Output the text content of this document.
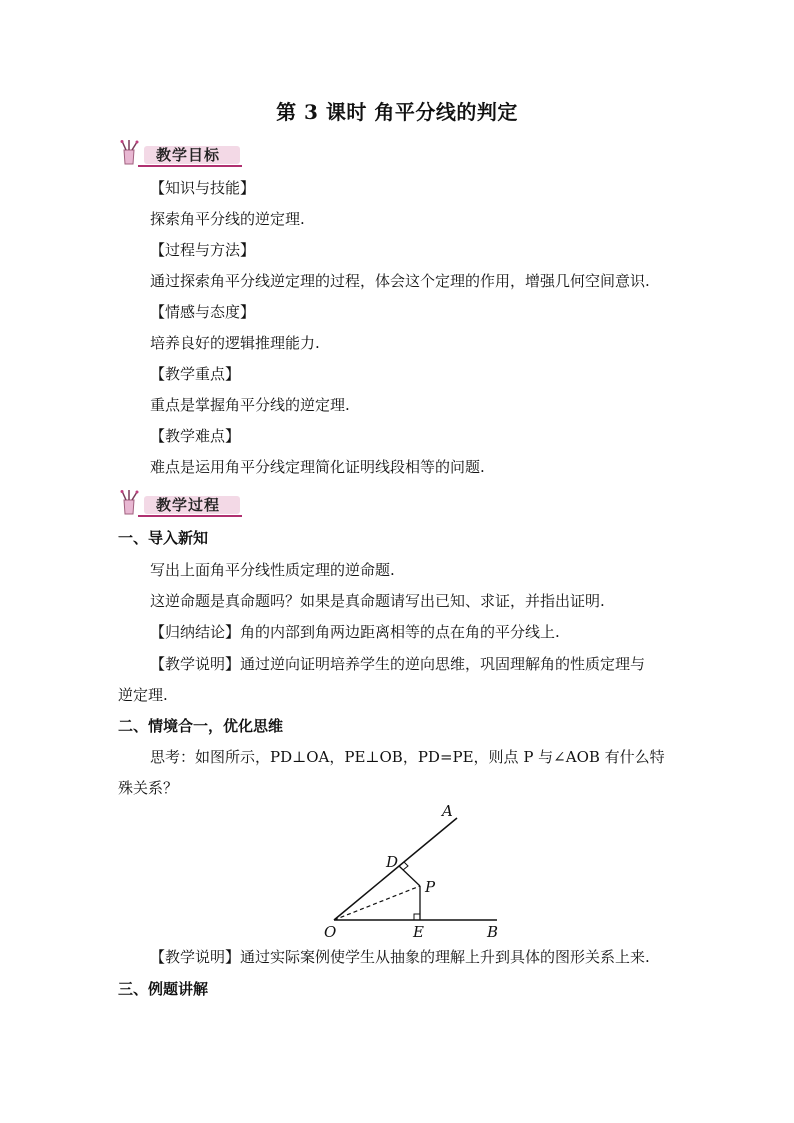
第 3 课时 角平分线的判定
教学目标
【知识与技能】
探索角平分线的逆定理.
【过程与方法】
通过探索角平分线逆定理的过程，体会这个定理的作用，增强几何空间意识.
【情感与态度】
培养良好的逻辑推理能力.
【教学重点】
重点是掌握角平分线的逆定理.
【教学难点】
难点是运用角平分线定理简化证明线段相等的问题.
教学过程
一、导入新知
写出上面角平分线性质定理的逆命题.
这逆命题是真命题吗？如果是真命题请写出已知、求证，并指出证明.
【归纳结论】角的内部到角两边距离相等的点在角的平分线上.
【教学说明】通过逆向证明培养学生的逆向思维，巩固理解角的性质定理与
逆定理.
二、情境合一，优化思维
思考：如图所示，PD⊥OA，PE⊥OB，PD=PE，则点 P 与∠AOB 有什么特
殊关系？
A
D
P
O	E	B
【教学说明】通过实际案例使学生从抽象的理解上升到具体的图形关系上来.
三、例题讲解
